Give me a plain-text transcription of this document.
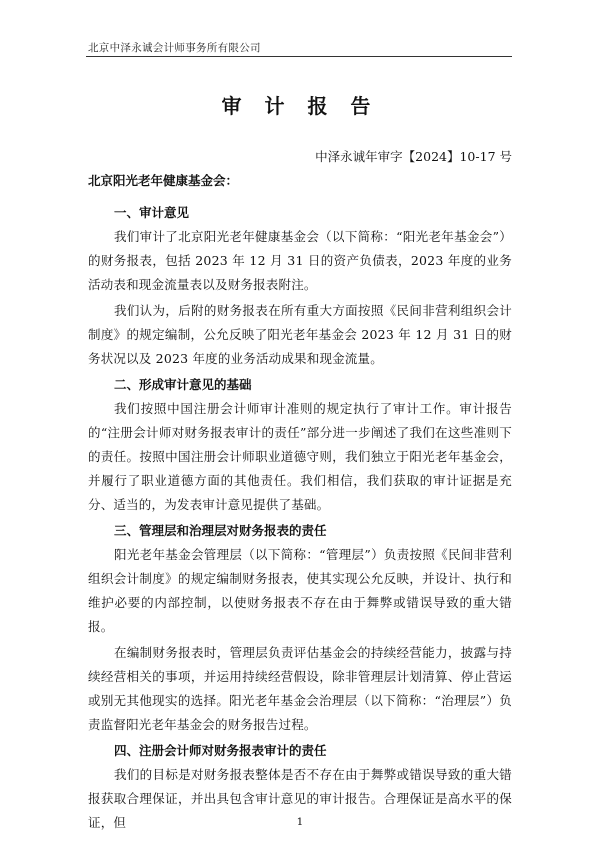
北京中泽永诚会计师事务所有限公司
审 计 报 告
中泽永诚年审字【2024】10-17 号
北京阳光老年健康基金会：

一、审计意见

我们审计了北京阳光老年健康基金会（以下简称：“阳光老年基金会”）的财务报表，包括 2023 年 12 月 31 日的资产负债表，2023 年度的业务活动表和现金流量表以及财务报表附注。

我们认为，后附的财务报表在所有重大方面按照《民间非营利组织会计制度》的规定编制，公允反映了阳光老年基金会 2023 年 12 月 31 日的财务状况以及 2023 年度的业务活动成果和现金流量。

二、形成审计意见的基础

我们按照中国注册会计师审计准则的规定执行了审计工作。审计报告的“注册会计师对财务报表审计的责任”部分进一步阐述了我们在这些准则下的责任。按照中国注册会计师职业道德守则，我们独立于阳光老年基金会，并履行了职业道德方面的其他责任。我们相信，我们获取的审计证据是充分、适当的，为发表审计意见提供了基础。

三、管理层和治理层对财务报表的责任

阳光老年基金会管理层（以下简称：“管理层”）负责按照《民间非营利组织会计制度》的规定编制财务报表，使其实现公允反映，并设计、执行和维护必要的内部控制，以使财务报表不存在由于舞弊或错误导致的重大错报。

在编制财务报表时，管理层负责评估基金会的持续经营能力，披露与持续经营相关的事项，并运用持续经营假设，除非管理层计划清算、停止营运或别无其他现实的选择。阳光老年基金会治理层（以下简称：“治理层”）负责监督阳光老年基金会的财务报告过程。

四、注册会计师对财务报表审计的责任

我们的目标是对财务报表整体是否不存在由于舞弊或错误导致的重大错报获取合理保证，并出具包含审计意见的审计报告。合理保证是高水平的保证，但	1
